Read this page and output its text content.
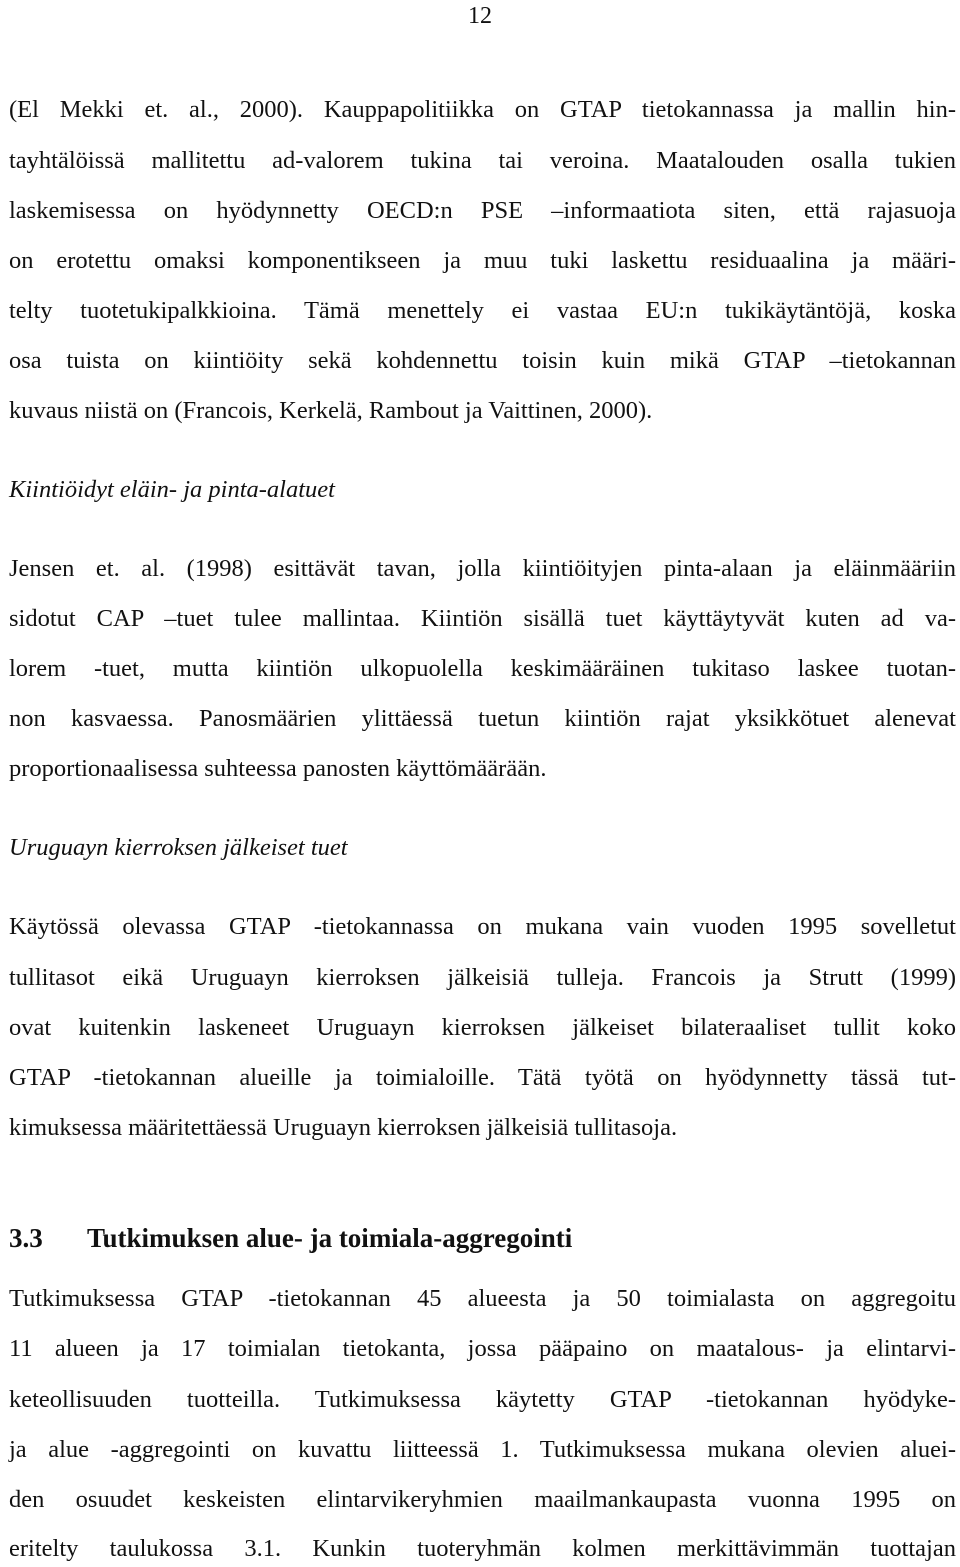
12
(El Mekki et. al., 2000). Kauppapolitiikka on GTAP tietokannassa ja mallin hin-
tayhtälöissä mallitettu ad-valorem tukina tai veroina. Maatalouden osalla tukien
laskemisessa on hyödynnetty OECD:n PSE –informaatiota siten, että rajasuoja
on erotettu omaksi komponentikseen ja muu tuki laskettu residuaalina ja määri-
telty tuotetukipalkkioina. Tämä menettely ei vastaa EU:n tukikäytäntöjä, koska
osa tuista on kiintiöity sekä kohdennettu toisin kuin mikä GTAP –tietokannan
kuvaus niistä on (Francois, Kerkelä, Rambout ja Vaittinen, 2000).
Kiintiöidyt eläin- ja pinta-alatuet
Jensen et. al. (1998) esittävät tavan, jolla kiintiöityjen pinta-alaan ja eläinmääriin
sidotut CAP –tuet tulee mallintaa. Kiintiön sisällä tuet käyttäytyvät kuten ad va-
lorem -tuet, mutta kiintiön ulkopuolella keskimääräinen tukitaso laskee tuotan-
non kasvaessa. Panosmäärien ylittäessä tuetun kiintiön rajat yksikkötuet alenevat
proportionaalisessa suhteessa panosten käyttömäärään.
Uruguayn kierroksen jälkeiset tuet
Käytössä olevassa GTAP -tietokannassa on mukana vain vuoden 1995 sovelletut
tullitasot eikä Uruguayn kierroksen jälkeisiä tulleja. Francois ja Strutt (1999)
ovat kuitenkin laskeneet Uruguayn kierroksen jälkeiset bilateraaliset tullit koko
GTAP -tietokannan alueille ja toimialoille. Tätä työtä on hyödynnetty tässä tut-
kimuksessa määritettäessä Uruguayn kierroksen jälkeisiä tullitasoja.
3.3 Tutkimuksen alue- ja toimiala-aggregointi
Tutkimuksessa GTAP -tietokannan 45 alueesta ja 50 toimialasta on aggregoitu
11 alueen ja 17 toimialan tietokanta, jossa pääpaino on maatalous- ja elintarvi-
keteollisuuden tuotteilla. Tutkimuksessa käytetty GTAP -tietokannan hyödyke-
ja alue -aggregointi on kuvattu liitteessä 1. Tutkimuksessa mukana olevien aluei-
den osuudet keskeisten elintarvikeryhmien maailmankaupasta vuonna 1995 on
eritelty taulukossa 3.1. Kunkin tuoteryhmän kolmen merkittävimmän tuottajan
